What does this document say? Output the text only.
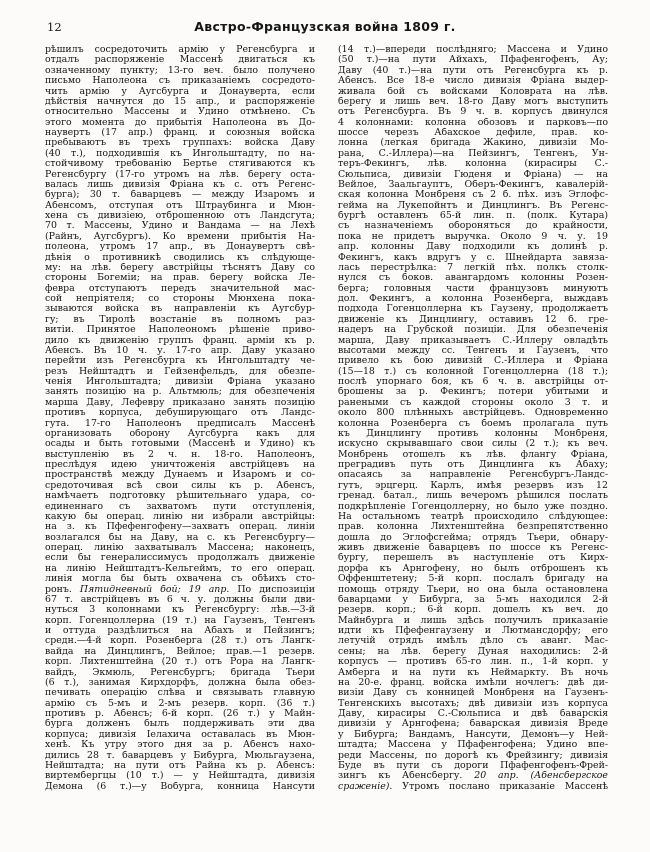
12	Австро-Французская война 1809 г.
рѣшилъ сосредоточить армію у Регенсбурга и
отдалъ распоряженіе Массенѣ двигаться къ
означенному пункту; 13-го веч. было получено
письмо Наполеона съ приказаніемъ сосредото-
чить армію у Аугсбурга и Донауверта, если
дѣйствія начнутся до 15 апр., и распоряженіе
относительно Массены и Удино отмѣнено. Съ
этого момента до прибытія Наполеона въ До-
наувертъ (17 апр.) франц. и союзныя войска
пребываютъ въ трехъ группахъ: войска Даву
(40 т.), подходившія къ Ингольштадту, по на-
стойчивому требованію Бертье стягиваются къ
Регенсбургу (17-го утромъ на лѣв. берегу оста-
валась лишь дивизія Фріана къ с. отъ Регенс-
бурга); 30 т. баварцевъ — между Изаромъ и
Абенсомъ, отступая отъ Штраубинга и Мюн-
хена съ дивизіею, отброшенною отъ Ландсгута;
70 т. Массены, Удино и Вандама — на Лехѣ
(Райнъ, Аугсбургъ). Ко времени прибытія На-
полеона, утромъ 17 апр., въ Донаувертъ свѣ-
дѣнія о противникѣ сводились къ слѣдующе-
му: на лѣв. берегу австрійцы тѣснятъ Даву со
стороны Богеміи; на прав. берегу войска Ле-
февра отступаютъ передъ значительной мас-
сой непріятеля; со стороны Мюнхена пока-
зываются войска въ направленіи къ Аугсбур-
гу; въ Тиролѣ возстаніе въ полномъ раз-
витіи. Принятое Наполеономъ рѣшеніе приво-
дило къ движенію группъ франц. арміи къ р.
Абенсъ. Въ 10 ч. у. 17-го апр. Даву указано
перейти изъ Регенсбурга къ Ингольштадту че-
резъ Нейштадтъ и Гейзенфельдъ, для обезпе-
ченія Ингольштадта; дивизіи Фріана указано
занять позицію на р. Альтмюль; для обезпеченія
марша Даву, Лефевру приказано занять позицію
противъ корпуса, дебуширующаго отъ Ландс-
гута. 17-го Наполеонъ предписалъ Массенѣ
организовать оборону Аугсбурга какъ для
осады и быть готовыми (Массенѣ и Удино) къ
выступленію въ 2 ч. н. 18-го. Наполеонъ,
преслѣдуя идею уничтоженія австрійцевъ на
пространствѣ между Дунаемъ и Изаромъ и со-
средоточивая всѣ свои силы къ р. Абенсъ,
намѣчаетъ подготовку рѣшительнаго удара, со-
единеннаго съ захватомъ пути отступленія,
какую бы операц. линію ни избрали австрійцы:
на з. къ Пфефенгофену—захватъ операц. линіи
возлагался бы на Даву, на с. къ Регенсбургу—
операц. линію захватывалъ Массена; наконецъ,
если бы генералиссимусъ продолжалъ движеніе
на линію Нейштадтъ-Кельгеймъ, то его операц.
линія могла бы быть охвачена съ обѣихъ сто-
ронъ. Пятидневный бой; 19 апр. По диспозиціи
67 т. австрійцевъ въ 6 ч. у. должны были дви-
нуться 3 колоннами къ Регенсбургу: лѣв.—3-й
корп. Гогенцоллерна (19 т.) на Гаузенъ, Тенгенъ
и оттуда раздѣлиться на Абахъ и Пейзингъ;
средн.—4-й корп. Розенберга (28 т.) отъ Лангк-
вайда на Динцлингъ, Вейлое; прав.—1 резерв.
корп. Лихтенштейна (20 т.) отъ Рора на Лангк-
вайдъ, Экмюль, Регенсбургъ; бригада Тьери
(6 т.), занимая Кирхдорфъ, должна была обез-
печивать операцію слѣва и связывать главную
армію съ 5-мъ и 2-мъ резерв. корп. (36 т.)
противъ р. Абенсъ; 6-й корп. (26 т.) у Майн-
бурга долженъ былъ поддерживать эти два
корпуса; дивизія Іелахича оставалась въ Мюн-
хенѣ. Къ утру этого дня за р. Абенсъ нахо-
дились 28 т. баварцевъ у Бибурга, Мюльгаузена,
Нейштадта; на пути отъ Райна къ р. Абенсъ:
виртембергцы (10 т.) — у Нейштадта, дивизія
Демона (6 т.)—у Вобурга, конница Нансути
(14 т.)—впереди послѣдняго; Массена и Удино
(50 т.)—на пути Айхахъ, Пфафенгофенъ, Ау;
Даву (40 т.)—на пути отъ Регенсбурга къ р.
Абенсъ. Все 18-е число дивизія Фріана выдер-
живала бой съ войсками Коловрата на лѣв.
берегу и лишь веч. 18-го Даву могъ выступить
отъ Регенсбурга. Въ 9 ч. в. корпусъ двинулся
4 колоннами: колонна обозовъ и парковъ—по
шоссе черезъ Абахское дефиле, прав. ко-
лонна (легкая бригада Жакино, дивизіи Мо-
рана, С.-Иллера)—на Пейзингъ, Тенгенъ, Ун-
теръ-Фекингъ, лѣв. колонна (кирасиры С.-
Сюльписа, дивизіи Гюденя и Фріана) — на
Вейлое, Заальгауптъ, Оберъ-Фекингъ, кавалерій-
ская колонна Монбреня съ 2 б. пѣх. изъ Эглофс-
гейма на Лукепойнтъ и Динцлингъ. Въ Регенс-
бургѣ оставленъ 65-й лин. п. (полк. Кутара)
съ назначеніемъ обороняться до крайности,
пока не придетъ выручка. Около 9 ч. у. 19
апр. колонны Даву подходили къ долинѣ р.
Фекингъ, какъ вдругъ у с. Шнейдарта завяза-
лась перестрѣлка: 7 легкій пѣх. полкъ столк-
нулся съ боков. авангардомъ колонны Розен-
берга; головныя части французовъ минуютъ
дол. Фекингъ, а колонна Розенберга, выждавъ
подхода Гогенцоллерна къ Гаузену, продолжаетъ
движеніе къ Динцлингу, оставивъ 12 б. гре-
надеръ на Грубской позиціи. Для обезпеченія
марша, Даву приказываетъ С.-Иллеру овладѣть
высотами между сс. Тенгенъ и Гаузенъ, что
привело къ бою дивизій С.-Иллера и Фріана
(15—18 т.) съ колонной Гогенцоллерна (18 т.);
послѣ упорнаго боя, къ 6 ч. в. австрійцы от-
брошены за р. Фекингъ; потери убитыми и
ранеными съ каждой стороны около 3 т. и
около 800 плѣнныхъ австрійцевъ. Одновременно
колонна Розенберга съ боемъ пролагала путь
къ Динцлингу противъ колонны Монбреня,
искусно скрывавшаго свои силы (2 т.); къ веч.
Монбрень отошелъ къ лѣв. флангу Фріана,
преградивъ путь отъ Динцлинга къ Абаху;
опасаясь за направленіе Регенсбургъ-Ландс-
гутъ, эрцгерц. Карлъ, имѣя резервъ изъ 12
гренад. батал., лишь вечеромъ рѣшился послать
подкрѣпленіе Гогенцоллерну, но было уже поздно.
На остальномъ театрѣ происходило слѣдующее:
прав. колонна Лихтенштейна безпрепятственно
дошла до Эглофсгейма; отрядъ Тьери, обнару-
живъ движеніе баварцевъ по шоссе къ Регенс-
бургу, перешелъ въ наступленіе отъ Кирх-
дорфа къ Арнгофену, но былъ отброшенъ къ
Оффенштетену; 5-й корп. послалъ бригаду на
помощь отряду Тьери, но она была остановлена
баварцами у Бибурга, за 5-мъ находился 2-й
резерв. корп.; 6-й корп. дошелъ къ веч. до
Майнбурга и лишь здѣсь получилъ приказаніе
идти къ Пфефенгаузену и Лютмансдорфу; его
летучій отрядъ имѣлъ дѣло съ аванг. Мас-
сены; на лѣв. берегу Дуная находились: 2-й
корпусъ — противъ 65-го лин. п., 1-й корп. у
Амберга и на пути къ Неймаркту. Въ ночь
на 20-е. франц. войска имѣли ночлегъ: двѣ ди-
визіи Даву съ конницей Монбреня на Гаузенъ-
Тенгенскихъ высотахъ; двѣ дивизіи изъ корпуса
Даву, кирасиры С.-Сюльписа и двѣ баварскія
дивизіи у Арнгофена; баварская дивизія Вреде
у Бибурга; Вандамъ, Нансути, Демонъ—у Ней-
штадта; Массена у Пфафенгофена; Удино впе-
реди Массены, по дорогѣ къ Фрейзингу; дивизія
Буде въ пути съ дороги Пфафенгофенъ-Фрей-
зингъ къ Абенсбергу. 20 апр. (Абенсбергское
сраженіе). Утромъ послано приказаніе Массенѣ
